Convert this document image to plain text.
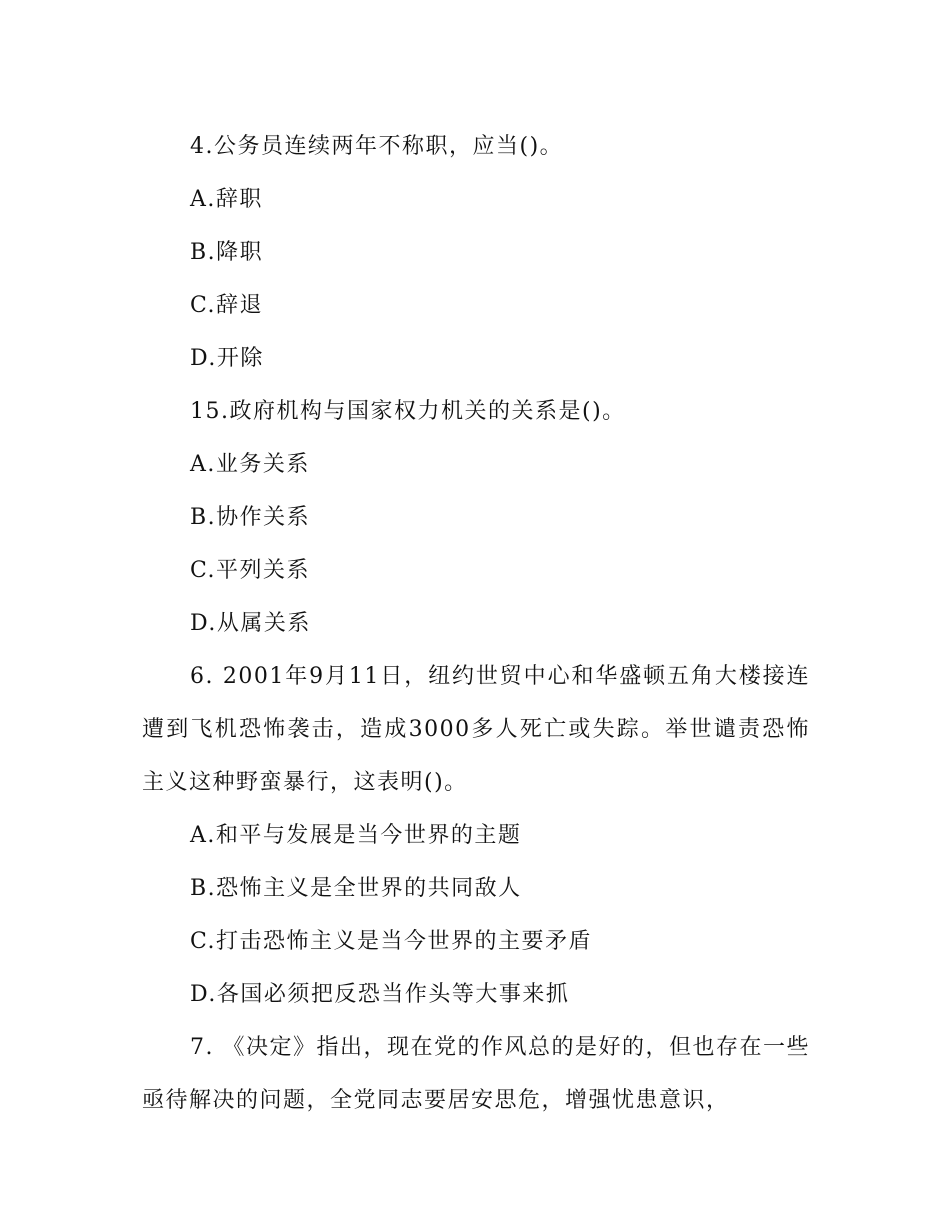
4.公务员连续两年不称职，应当()。
A.辞职
B.降职
C.辞退
D.开除
15.政府机构与国家权力机关的关系是()。
A.业务关系
B.协作关系
C.平列关系
D.从属关系

6. 2001年9月11日，纽约世贸中心和华盛顿五角大楼接连遭到飞机恐怖袭击，造成3000多人死亡或失踪。举世谴责恐怖主义这种野蛮暴行，这表明()。

A.和平与发展是当今世界的主题
B.恐怖主义是全世界的共同敌人
C.打击恐怖主义是当今世界的主要矛盾
D.各国必须把反恐当作头等大事来抓

7. 《决定》指出，现在党的作风总的是好的，但也存在一些亟待解决的问题，全党同志要居安思危，增强忧患意识，
